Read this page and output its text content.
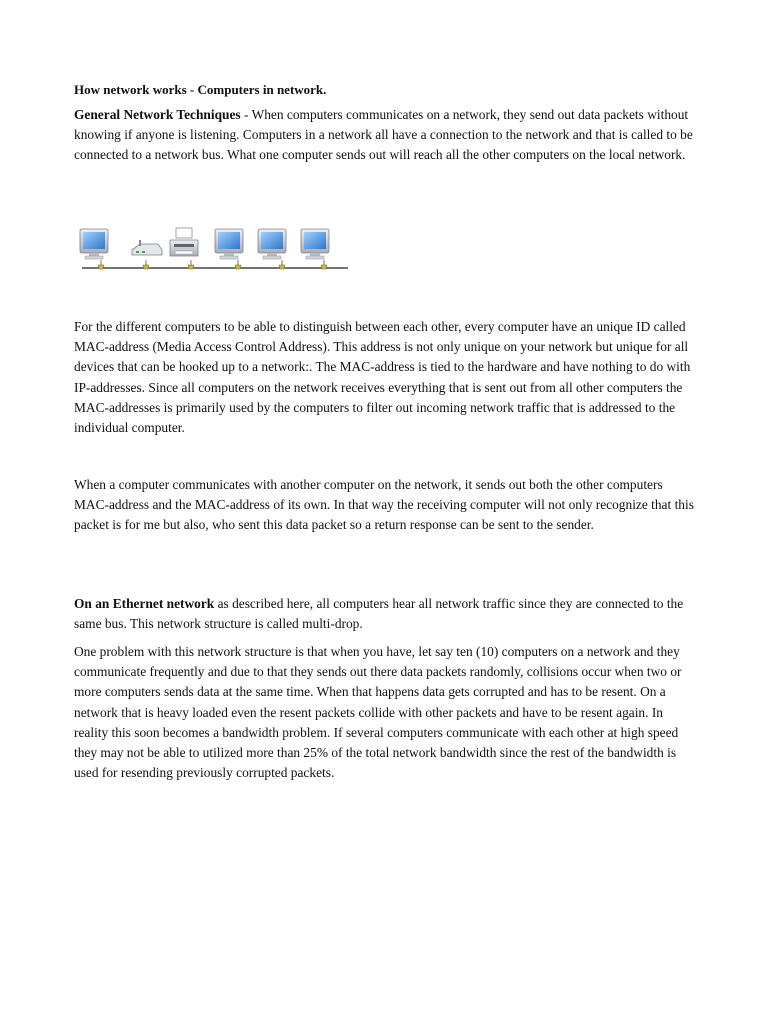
How network works - Computers in network.

General Network Techniques - When computers communicates on a network, they send out data packets without knowing if anyone is listening. Computers in a network all have a connection to the network and that is called to be connected to a network bus. What one computer sends out will reach all the other computers on the local network.

For the different computers to be able to distinguish between each other, every computer have an unique ID called MAC-address (Media Access Control Address). This address is not only unique on your network but unique for all devices that can be hooked up to a network:. The MAC-address is tied to the hardware and have nothing to do with IP-addresses. Since all computers on the network receives everything that is sent out from all other computers the MAC-addresses is primarily used by the computers to filter out incoming network traffic that is addressed to the individual computer.

When a computer communicates with another computer on the network, it sends out both the other computers MAC-address and the MAC-address of its own. In that way the receiving computer will not only recognize that this packet is for me but also, who sent this data packet so a return response can be sent to the sender.

On an Ethernet network as described here, all computers hear all network traffic since they are connected to the same bus. This network structure is called multi-drop.

One problem with this network structure is that when you have, let say ten (10) computers on a network and they communicate frequently and due to that they sends out there data packets randomly, collisions occur when two or more computers sends data at the same time. When that happens data gets corrupted and has to be resent. On a network that is heavy loaded even the resent packets collide with other packets and have to be resent again. In reality this soon becomes a bandwidth problem. If several computers communicate with each other at high speed they may not be able to utilized more than 25% of the total network bandwidth since the rest of the bandwidth is used for resending previously corrupted packets.
